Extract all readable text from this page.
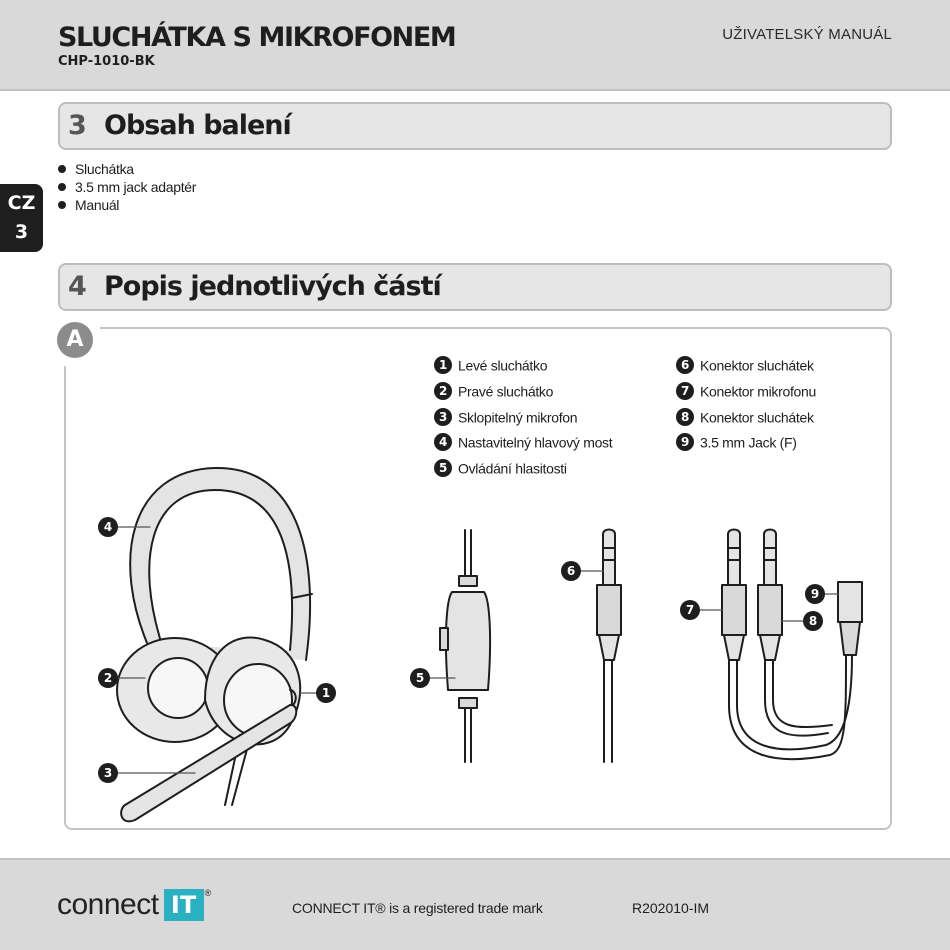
SLUCHÁTKA S MIKROFONEM
CHP-1010-BK
UŽIVATELSKÝ MANUÁL
CZ
3
3 Obsah balení
Sluchátka
3.5 mm jack adaptér
Manuál
4 Popis jednotlivých částí
A
1 Levé sluchátko
2 Pravé sluchátko
3 Sklopitelný mikrofon
4 Nastavitelný hlavový most
5 Ovládání hlasitosti
6 Konektor sluchátek
7 Konektor mikrofonu
8 Konektor sluchátek
9 3.5 mm Jack (F)
4
2
3
1
5
6
7
8
9
connect IT ®
CONNECT IT® is a registered trade mark	R202010-IM
